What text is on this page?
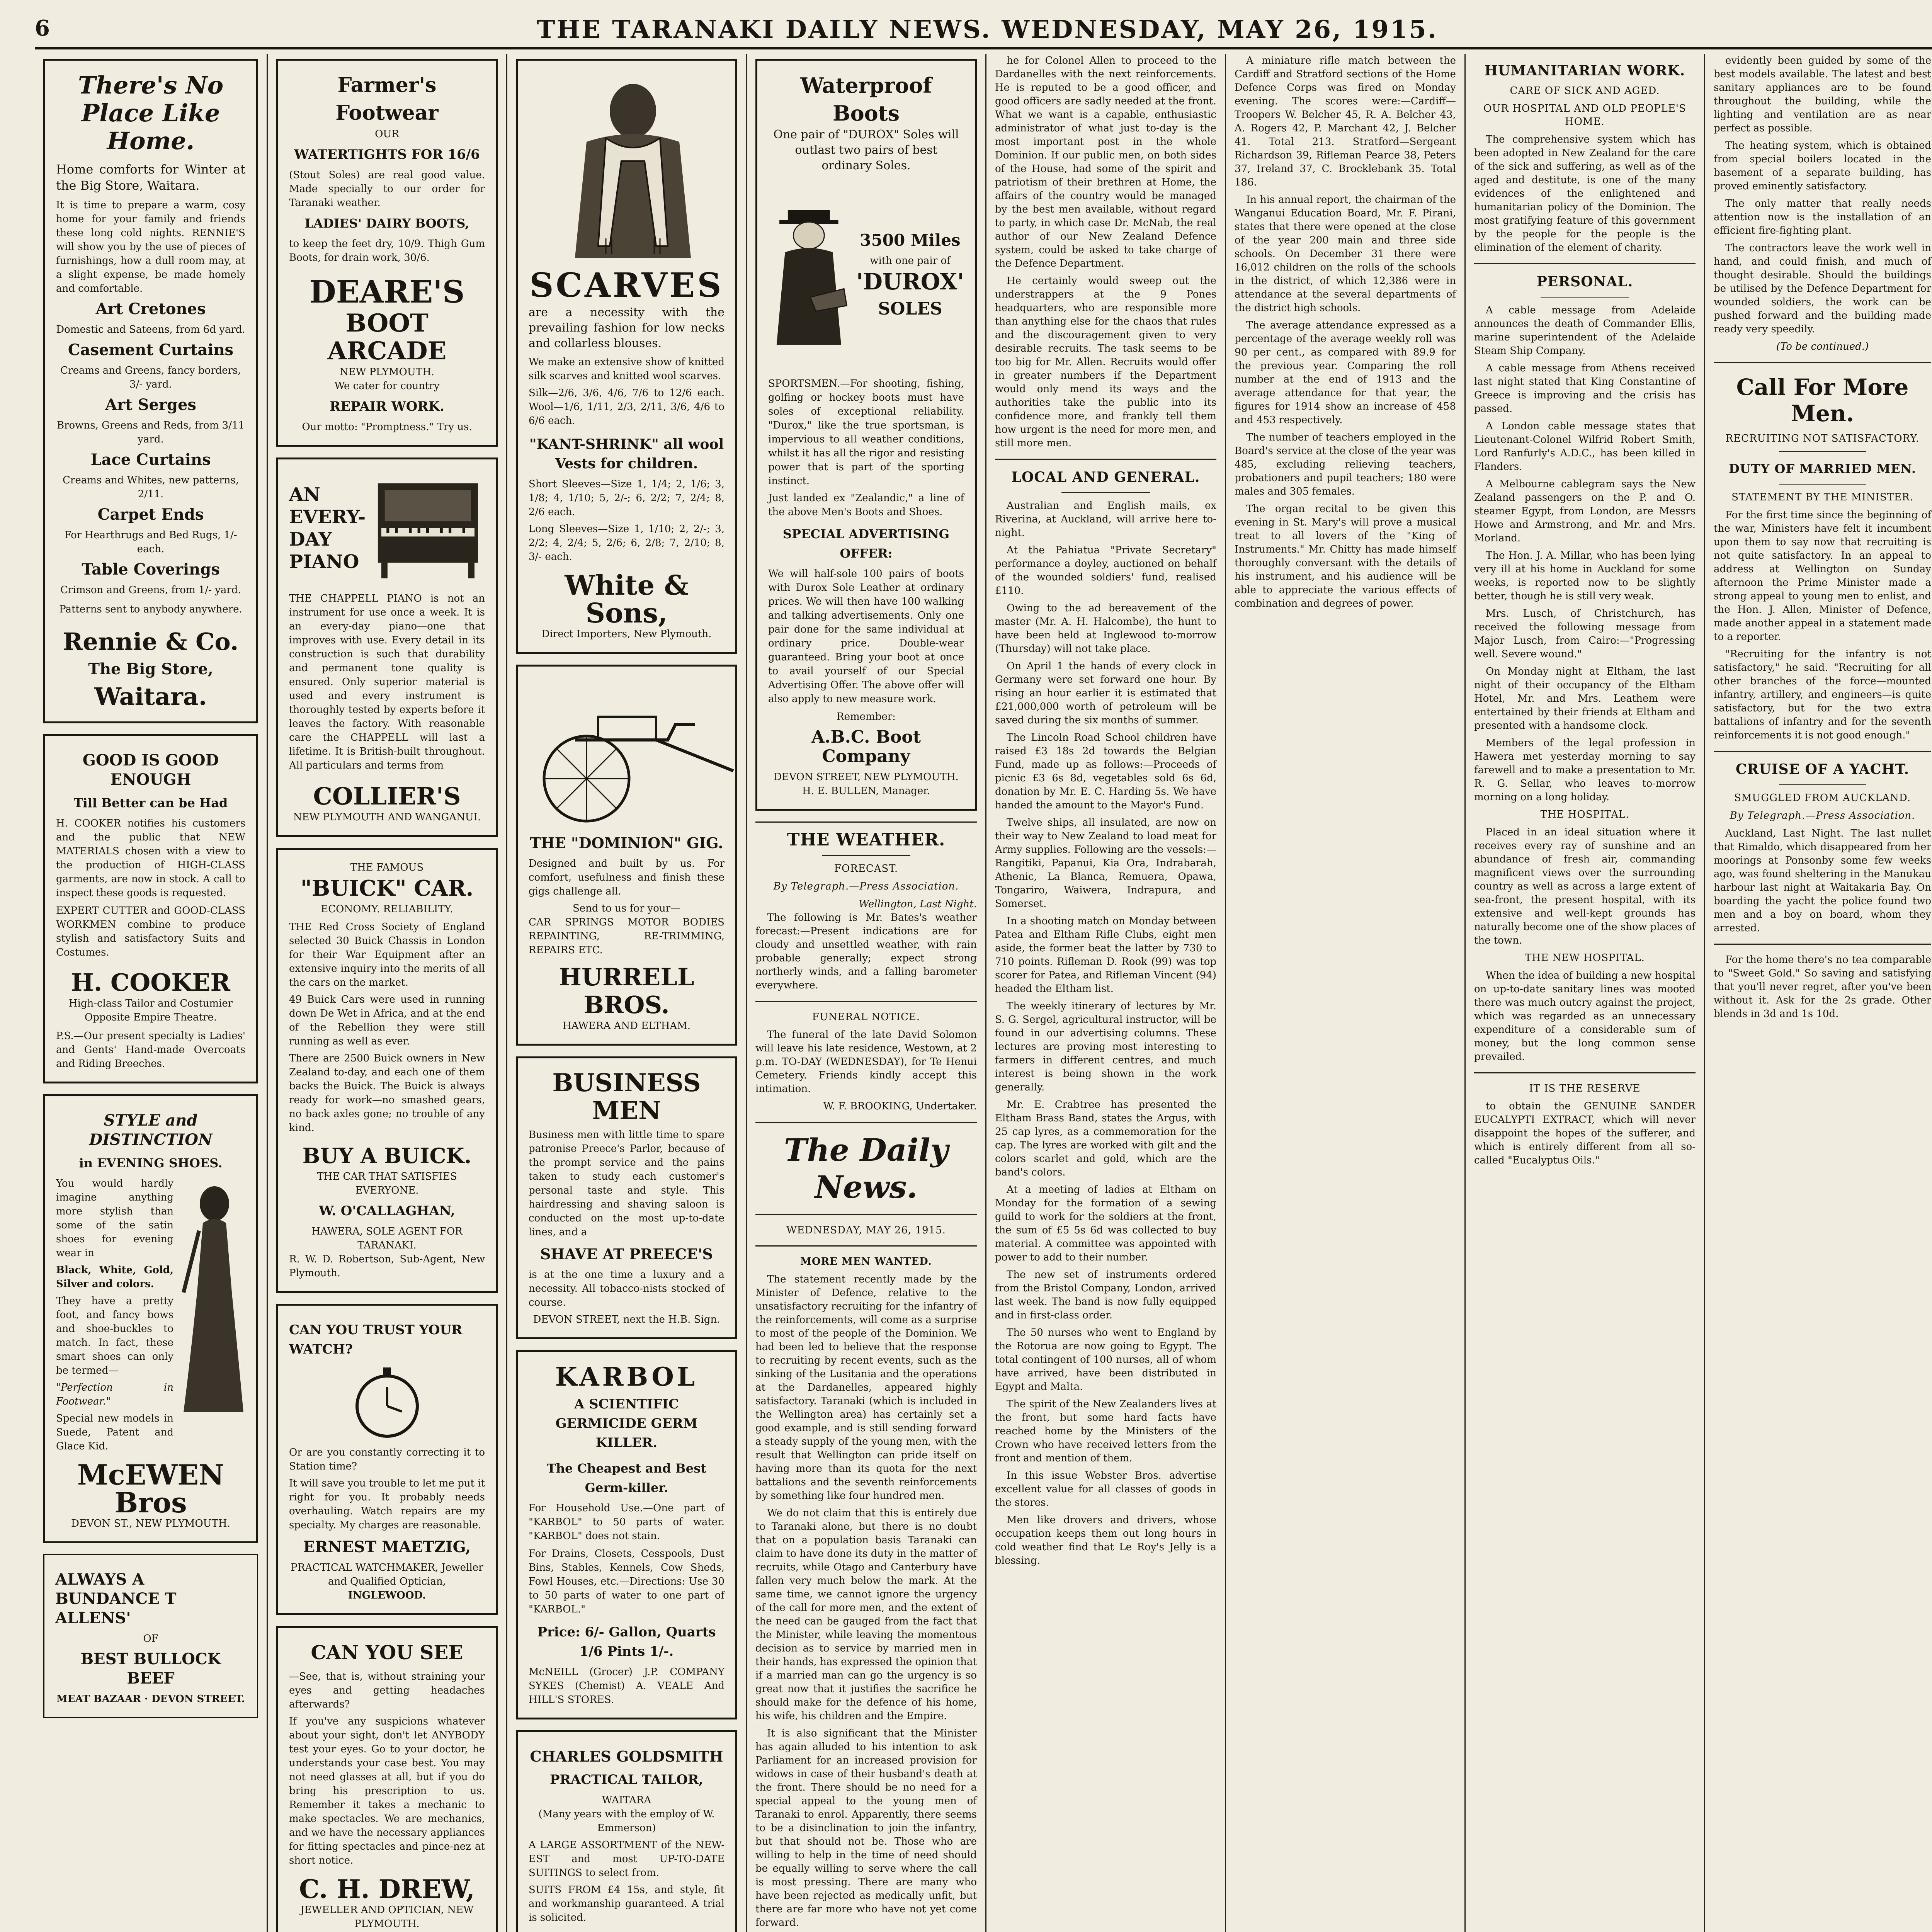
6	THE TARANAKI DAILY NEWS. WEDNESDAY, MAY 26, 1915.
There's No Place Like Home.
Home comforts for Winter at the Big Store, Waitara.
It is time to prepare a warm, cosy home for your family and friends these long cold nights. RENNIE'S will show you by the use of pieces of furnishings, how a dull room may, at a slight expense, be made homely and comfortable.
Art Cretones
Domestic and Sateens, from 6d yard.
Casement Curtains
Creams and Greens, fancy borders, 3/- yard.
Art Serges
Browns, Greens and Reds, from 3/11 yard.
Lace Curtains
Creams and Whites, new patterns, 2/11.
Carpet Ends
For Hearthrugs and Bed Rugs, 1/- each.
Table Coverings
Crimson and Greens, from 1/- yard.
Patterns sent to anybody anywhere.
Rennie & Co.
The Big Store,
Waitara.
GOOD IS GOOD ENOUGH
Till Better can be Had
H. COOKER notifies his customers and the public that NEW MATERIALS chosen with a view to the production of HIGH-CLASS garments, are now in stock. A call to inspect these goods is requested.
EXPERT CUTTER and GOOD-CLASS WORKMEN combine to produce stylish and satisfactory Suits and Costumes.
H. COOKER
High-class Tailor and Costumier
Opposite Empire Theatre.
P.S.—Our present specialty is Ladies' and Gents' Hand-made Overcoats and Riding Breeches.
STYLE and DISTINCTION
in EVENING SHOES.
You would hardly imagine anything more stylish than some of the satin shoes for evening wear in
Black, White, Gold, Silver and colors.
They have a pretty foot, and fancy bows and shoe-buckles to match. In fact, these smart shoes can only be termed—
"Perfection in Footwear."
Special new models in Suede, Patent and Glace Kid.
McEWEN Bros
DEVON ST., NEW PLYMOUTH.
ALWAYS A BUNDANCE T ALLENS'
OF
BEST BULLOCK BEEF
MEAT BAZAAR · DEVON STREET.
Farmer's Footwear
OUR
WATERTIGHTS FOR 16/6
(Stout Soles) are real good value. Made specially to our order for Taranaki weather.
LADIES' DAIRY BOOTS,
to keep the feet dry, 10/9. Thigh Gum Boots, for drain work, 30/6.
DEARE'S
BOOT ARCADE
NEW PLYMOUTH.
We cater for country
REPAIR WORK.
Our motto: "Promptness." Try us.
AN EVERY-DAY PIANO
THE CHAPPELL PIANO is not an instrument for use once a week. It is an every-day piano—one that improves with use. Every detail in its construction is such that durability and permanent tone quality is ensured. Only superior material is used and every instrument is thoroughly tested by experts before it leaves the factory. With reasonable care the CHAPPELL will last a lifetime. It is British-built throughout. All particulars and terms from
COLLIER'S
NEW PLYMOUTH AND WANGANUI.
THE FAMOUS
"BUICK" CAR.
ECONOMY. RELIABILITY.
THE Red Cross Society of England selected 30 Buick Chassis in London for their War Equipment after an extensive inquiry into the merits of all the cars on the market.
49 Buick Cars were used in running down De Wet in Africa, and at the end of the Rebellion they were still running as well as ever.
There are 2500 Buick owners in New Zealand to-day, and each one of them backs the Buick. The Buick is always ready for work—no smashed gears, no back axles gone; no trouble of any kind.
BUY A BUICK.
THE CAR THAT SATISFIES EVERYONE.
W. O'CALLAGHAN,
HAWERA, SOLE AGENT FOR TARANAKI.
R. W. D. Robertson, Sub-Agent, New Plymouth.
CAN YOU TRUST YOUR WATCH?
Or are you constantly correcting it to Station time?
It will save you trouble to let me put it right for you. It probably needs overhauling. Watch repairs are my specialty. My charges are reasonable.
ERNEST MAETZIG,
PRACTICAL WATCHMAKER, Jeweller and Qualified Optician,
INGLEWOOD.
CAN YOU SEE
—See, that is, without straining your eyes and getting headaches afterwards?
If you've any suspicions whatever about your sight, don't let ANYBODY test your eyes. Go to your doctor, he understands your case best. You may not need glasses at all, but if you do bring his prescription to us. Remember it takes a mechanic to make spectacles. We are mechanics, and we have the necessary appliances for fitting spectacles and pince-nez at short notice.
C. H. DREW,
JEWELLER AND OPTICIAN, NEW PLYMOUTH.
SCARVES
are a necessity with the prevailing fashion for low necks and collarless blouses.
We make an extensive show of knitted silk scarves and knitted wool scarves.
Silk—2/6, 3/6, 4/6, 7/6 to 12/6 each. Wool—1/6, 1/11, 2/3, 2/11, 3/6, 4/6 to 6/6 each.
"KANT-SHRINK" all wool Vests for children.
Short Sleeves—Size 1, 1/4; 2, 1/6; 3, 1/8; 4, 1/10; 5, 2/-; 6, 2/2; 7, 2/4; 8, 2/6 each.
Long Sleeves—Size 1, 1/10; 2, 2/-; 3, 2/2; 4, 2/4; 5, 2/6; 6, 2/8; 7, 2/10; 8, 3/- each.
White & Sons,
Direct Importers, New Plymouth.
THE "DOMINION" GIG.
Designed and built by us. For comfort, usefulness and finish these gigs challenge all.
Send to us for your—
CAR SPRINGS MOTOR BODIES REPAINTING, RE-TRIMMING, REPAIRS ETC.
HURRELL BROS.
HAWERA AND ELTHAM.
BUSINESS MEN
Business men with little time to spare patronise Preece's Parlor, because of the prompt service and the pains taken to study each customer's personal taste and style. This hairdressing and shaving saloon is conducted on the most up-to-date lines, and a
SHAVE AT PREECE'S
is at the one time a luxury and a necessity. All tobacco-nists stocked of course.
DEVON STREET, next the H.B. Sign.
KARBOL
A SCIENTIFIC GERMICIDE GERM KILLER.
The Cheapest and Best Germ-killer.
For Household Use.—One part of "KARBOL" to 50 parts of water. "KARBOL" does not stain.
For Drains, Closets, Cesspools, Dust Bins, Stables, Kennels, Cow Sheds, Fowl Houses, etc.—Directions: Use 30 to 50 parts of water to one part of "KARBOL."
Price: 6/- Gallon, Quarts 1/6 Pints 1/-.
McNEILL (Grocer) J.P. COMPANY SYKES (Chemist) A. VEALE And HILL'S STORES.
CHARLES GOLDSMITH
PRACTICAL TAILOR,
WAITARA
(Many years with the employ of W. Emmerson)
A LARGE ASSORTMENT of the NEW-EST and most UP-TO-DATE SUITINGS to select from.
SUITS FROM £4 15s, and style, fit and workmanship guaranteed. A trial is solicited.
Waterproof Boots
One pair of "DUROX" Soles will outlast two pairs of best ordinary Soles.
3500 Miles
with one pair of
'DUROX'
SOLES
SPORTSMEN.—For shooting, fishing, golfing or hockey boots must have soles of exceptional reliability. "Durox," like the true sportsman, is impervious to all weather conditions, whilst it has all the rigor and resisting power that is part of the sporting instinct.
Just landed ex "Zealandic," a line of the above Men's Boots and Shoes.
SPECIAL ADVERTISING OFFER:
We will half-sole 100 pairs of boots with Durox Sole Leather at ordinary prices. We will then have 100 walking and talking advertisements. Only one pair done for the same individual at ordinary price. Double-wear guaranteed. Bring your boot at once to avail yourself of our Special Advertising Offer. The above offer will also apply to new measure work.
Remember:
A.B.C. Boot Company
DEVON STREET, NEW PLYMOUTH.
H. E. BULLEN, Manager.
THE WEATHER.
FORECAST.
By Telegraph.—Press Association.
Wellington, Last Night.

The following is Mr. Bates's weather forecast:—Present indications are for cloudy and unsettled weather, with rain probable generally; expect strong northerly winds, and a falling barometer everywhere.

FUNERAL NOTICE.

The funeral of the late David Solomon will leave his late residence, Westown, at 2 p.m. TO-DAY (WEDNESDAY), for Te Henui Cemetery. Friends kindly accept this intimation.

W. F. BROOKING, Undertaker.
The Daily News.
WEDNESDAY, MAY 26, 1915.
MORE MEN WANTED.

The statement recently made by the Minister of Defence, relative to the unsatisfactory recruiting for the infantry of the reinforcements, will come as a surprise to most of the people of the Dominion. We had been led to believe that the response to recruiting by recent events, such as the sinking of the Lusitania and the operations at the Dardanelles, appeared highly satisfactory. Taranaki (which is included in the Wellington area) has certainly set a good example, and is still sending forward a steady supply of the young men, with the result that Wellington can pride itself on having more than its quota for the next battalions and the seventh reinforcements by something like four hundred men.

We do not claim that this is entirely due to Taranaki alone, but there is no doubt that on a population basis Taranaki can claim to have done its duty in the matter of recruits, while Otago and Canterbury have fallen very much below the mark. At the same time, we cannot ignore the urgency of the call for more men, and the extent of the need can be gauged from the fact that the Minister, while leaving the momentous decision as to service by married men in their hands, has expressed the opinion that if a married man can go the urgency is so great now that it justifies the sacrifice he should make for the defence of his home, his wife, his children and the Empire.

It is also significant that the Minister has again alluded to his intention to ask Parliament for an increased provision for widows in case of their husband's death at the front. There should be no need for a special appeal to the young men of Taranaki to enrol. Apparently, there seems to be a disinclination to join the infantry, but that should not be. Those who are willing to help in the time of need should be equally willing to serve where the call is most pressing. There are many who have been rejected as medically unfit, but there are far more who have not yet come forward.

he for Colonel Allen to proceed to the Dardanelles with the next reinforcements. He is reputed to be a good officer, and good officers are sadly needed at the front. What we want is a capable, enthusiastic administrator of what just to-day is the most important post in the whole Dominion. If our public men, on both sides of the House, had some of the spirit and patriotism of their brethren at Home, the affairs of the country would be managed by the best men available, without regard to party, in which case Dr. McNab, the real author of our New Zealand Defence system, could be asked to take charge of the Defence Department.

He certainly would sweep out the understrappers at the 9 Pones headquarters, who are responsible more than anything else for the chaos that rules and the discouragement given to very desirable recruits. The task seems to be too big for Mr. Allen. Recruits would offer in greater numbers if the Department would only mend its ways and the authorities take the public into its confidence more, and frankly tell them how urgent is the need for more men, and still more men.

LOCAL AND GENERAL.

Australian and English mails, ex Riverina, at Auckland, will arrive here to-night.

At the Pahiatua "Private Secretary" performance a doyley, auctioned on behalf of the wounded soldiers' fund, realised £110.

Owing to the ad bereavement of the master (Mr. A. H. Halcombe), the hunt to have been held at Inglewood to-morrow (Thursday) will not take place.

On April 1 the hands of every clock in Germany were set forward one hour. By rising an hour earlier it is estimated that £21,000,000 worth of petroleum will be saved during the six months of summer.

The Lincoln Road School children have raised £3 18s 2d towards the Belgian Fund, made up as follows:—Proceeds of picnic £3 6s 8d, vegetables sold 6s 6d, donation by Mr. E. C. Harding 5s. We have handed the amount to the Mayor's Fund.

Twelve ships, all insulated, are now on their way to New Zealand to load meat for Army supplies. Following are the vessels:—Rangitiki, Papanui, Kia Ora, Indrabarah, Athenic, La Blanca, Remuera, Opawa, Tongariro, Waiwera, Indrapura, and Somerset.

In a shooting match on Monday between Patea and Eltham Rifle Clubs, eight men aside, the former beat the latter by 730 to 710 points. Rifleman D. Rook (99) was top scorer for Patea, and Rifleman Vincent (94) headed the Eltham list.

The weekly itinerary of lectures by Mr. S. G. Sergel, agricultural instructor, will be found in our advertising columns. These lectures are proving most interesting to farmers in different centres, and much interest is being shown in the work generally.

Mr. E. Crabtree has presented the Eltham Brass Band, states the Argus, with 25 cap lyres, as a commemoration for the cap. The lyres are worked with gilt and the colors scarlet and gold, which are the band's colors.

At a meeting of ladies at Eltham on Monday for the formation of a sewing guild to work for the soldiers at the front, the sum of £5 5s 6d was collected to buy material. A committee was appointed with power to add to their number.

The new set of instruments ordered from the Bristol Company, London, arrived last week. The band is now fully equipped and in first-class order.

The 50 nurses who went to England by the Rotorua are now going to Egypt. The total contingent of 100 nurses, all of whom have arrived, have been distributed in Egypt and Malta.

The spirit of the New Zealanders lives at the front, but some hard facts have reached home by the Ministers of the Crown who have received letters from the front and mention of them.

In this issue Webster Bros. advertise excellent value for all classes of goods in the stores.

Men like drovers and drivers, whose occupation keeps them out long hours in cold weather find that Le Roy's Jelly is a blessing.

A miniature rifle match between the Cardiff and Stratford sections of the Home Defence Corps was fired on Monday evening. The scores were:—Cardiff—Troopers W. Belcher 45, R. A. Belcher 43, A. Rogers 42, P. Marchant 42, J. Belcher 41. Total 213. Stratford—Sergeant Richardson 39, Rifleman Pearce 38, Peters 37, Ireland 37, C. Brocklebank 35. Total 186.

In his annual report, the chairman of the Wanganui Education Board, Mr. F. Pirani, states that there were opened at the close of the year 200 main and three side schools. On December 31 there were 16,012 children on the rolls of the schools in the district, of which 12,386 were in attendance at the several departments of the district high schools.

The average attendance expressed as a percentage of the average weekly roll was 90 per cent., as compared with 89.9 for the previous year. Comparing the roll number at the end of 1913 and the average attendance for that year, the figures for 1914 show an increase of 458 and 453 respectively.

The number of teachers employed in the Board's service at the close of the year was 485, excluding relieving teachers, probationers and pupil teachers; 180 were males and 305 females.

The organ recital to be given this evening in St. Mary's will prove a musical treat to all lovers of the "King of Instruments." Mr. Chitty has made himself thoroughly conversant with the details of his instrument, and his audience will be able to appreciate the various effects of combination and degrees of power.

HUMANITARIAN WORK.
CARE OF SICK AND AGED.
OUR HOSPITAL AND OLD PEOPLE'S HOME.

The comprehensive system which has been adopted in New Zealand for the care of the sick and suffering, as well as of the aged and destitute, is one of the many evidences of the enlightened and humanitarian policy of the Dominion. The most gratifying feature of this government by the people for the people is the elimination of the element of charity.

PERSONAL.

A cable message from Adelaide announces the death of Commander Ellis, marine superintendent of the Adelaide Steam Ship Company.

A cable message from Athens received last night stated that King Constantine of Greece is improving and the crisis has passed.

A London cable message states that Lieutenant-Colonel Wilfrid Robert Smith, Lord Ranfurly's A.D.C., has been killed in Flanders.

A Melbourne cablegram says the New Zealand passengers on the P. and O. steamer Egypt, from London, are Messrs Howe and Armstrong, and Mr. and Mrs. Morland.

The Hon. J. A. Millar, who has been lying very ill at his home in Auckland for some weeks, is reported now to be slightly better, though he is still very weak.

Mrs. Lusch, of Christchurch, has received the following message from Major Lusch, from Cairo:—"Progressing well. Severe wound."

On Monday night at Eltham, the last night of their occupancy of the Eltham Hotel, Mr. and Mrs. Leathem were entertained by their friends at Eltham and presented with a handsome clock.

Members of the legal profession in Hawera met yesterday morning to say farewell and to make a presentation to Mr. R. G. Sellar, who leaves to-morrow morning on a long holiday.

THE HOSPITAL.

Placed in an ideal situation where it receives every ray of sunshine and an abundance of fresh air, commanding magnificent views over the surrounding country as well as across a large extent of sea-front, the present hospital, with its extensive and well-kept grounds has naturally become one of the show places of the town.

THE NEW HOSPITAL.

When the idea of building a new hospital on up-to-date sanitary lines was mooted there was much outcry against the project, which was regarded as an unnecessary expenditure of a considerable sum of money, but the long common sense prevailed.

IT IS THE RESERVE

to obtain the GENUINE SANDER EUCALYPTI EXTRACT, which will never disappoint the hopes of the sufferer, and which is entirely different from all so-called "Eucalyptus Oils."

evidently been guided by some of the best models available. The latest and best sanitary appliances are to be found throughout the building, while the lighting and ventilation are as near perfect as possible.

The heating system, which is obtained from special boilers located in the basement of a separate building, has proved eminently satisfactory.

The only matter that really needs attention now is the installation of an efficient fire-fighting plant.

The contractors leave the work well in hand, and could finish, and much of thought desirable. Should the buildings be utilised by the Defence Department for wounded soldiers, the work can be pushed forward and the building made ready very speedily.

(To be continued.)
Call For More Men.
RECRUITING NOT SATISFACTORY.
DUTY OF MARRIED MEN.
STATEMENT BY THE MINISTER.

For the first time since the beginning of the war, Ministers have felt it incumbent upon them to say now that recruiting is not quite satisfactory. In an appeal to address at Wellington on Sunday afternoon the Prime Minister made a strong appeal to young men to enlist, and the Hon. J. Allen, Minister of Defence, made another appeal in a statement made to a reporter.

"Recruiting for the infantry is not satisfactory," he said. "Recruiting for all other branches of the force—mounted infantry, artillery, and engineers—is quite satisfactory, but for the two extra battalions of infantry and for the seventh reinforcements it is not good enough."

CRUISE OF A YACHT.
SMUGGLED FROM AUCKLAND.
By Telegraph.—Press Association.

Auckland, Last Night. The last nullet that Rimaldo, which disappeared from her moorings at Ponsonby some few weeks ago, was found sheltering in the Manukau harbour last night at Waitakaria Bay. On boarding the yacht the police found two men and a boy on board, whom they arrested.

For the home there's no tea comparable to "Sweet Gold." So saving and satisfying that you'll never regret, after you've been without it. Ask for the 2s grade. Other blends in 3d and 1s 10d.
